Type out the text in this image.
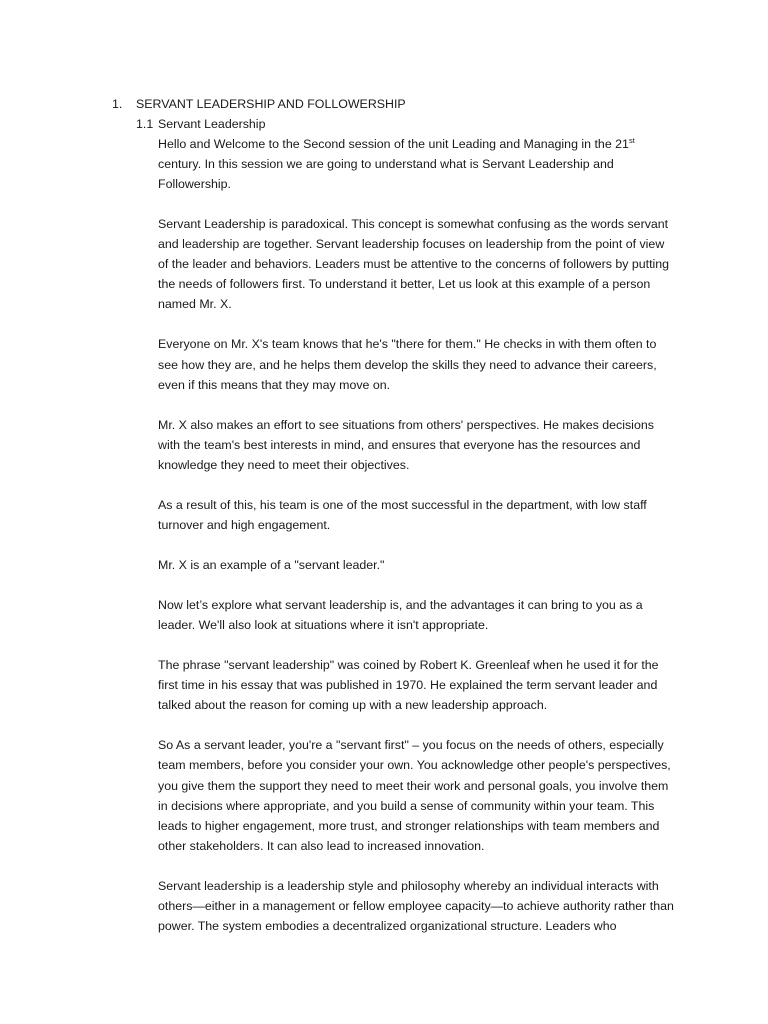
1. SERVANT LEADERSHIP AND FOLLOWERSHIP
1.1 Servant Leadership

Hello and Welcome to the Second session of the unit Leading and Managing in the 21st century. In this session we are going to understand what is Servant Leadership and Followership.

Servant Leadership is paradoxical. This concept is somewhat confusing as the words servant and leadership are together. Servant leadership focuses on leadership from the point of view of the leader and behaviors. Leaders must be attentive to the concerns of followers by putting the needs of followers first. To understand it better, Let us look at this example of a person named Mr. X.

Everyone on Mr. X's team knows that he's "there for them." He checks in with them often to see how they are, and he helps them develop the skills they need to advance their careers, even if this means that they may move on.

Mr. X also makes an effort to see situations from others' perspectives. He makes decisions with the team's best interests in mind, and ensures that everyone has the resources and knowledge they need to meet their objectives.

As a result of this, his team is one of the most successful in the department, with low staff turnover and high engagement.

Mr. X is an example of a "servant leader."

Now let’s explore what servant leadership is, and the advantages it can bring to you as a leader. We'll also look at situations where it isn't appropriate.

The phrase "servant leadership" was coined by Robert K. Greenleaf when he used it for the first time in his essay that was published in 1970. He explained the term servant leader and talked about the reason for coming up with a new leadership approach.

So As a servant leader, you're a "servant first" – you focus on the needs of others, especially team members, before you consider your own. You acknowledge other people's perspectives, you give them the support they need to meet their work and personal goals, you involve them in decisions where appropriate, and you build a sense of community within your team. This leads to higher engagement, more trust, and stronger relationships with team members and other stakeholders. It can also lead to increased innovation.

Servant leadership is a leadership style and philosophy whereby an individual interacts with others—either in a management or fellow employee capacity—to achieve authority rather than power. The system embodies a decentralized organizational structure. Leaders who
